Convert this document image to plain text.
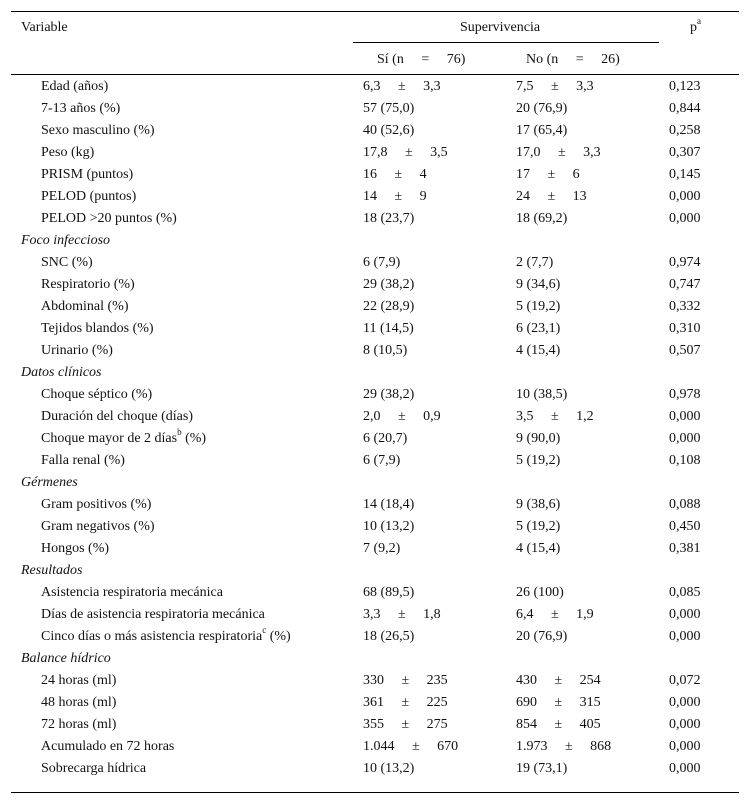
Variable	Supervivencia	$p^a$
Sí (n     =     76)	No (n     =     26)
Edad (años)	6,3     ±     3,3	7,5     ±     3,3	0,123
7-13 años (%)	57 (75,0)	20 (76,9)	0,844
Sexo masculino (%)	40 (52,6)	17 (65,4)	0,258
Peso (kg)	17,8     ±     3,5	17,0     ±     3,3	0,307
PRISM (puntos)	16     ±     4	17     ±     6	0,145
PELOD (puntos)	14     ±     9	24     ±     13	0,000
PELOD >20 puntos (%)	18 (23,7)	18 (69,2)	0,000
Foco infeccioso
SNC (%)	6 (7,9)	2 (7,7)	0,974
Respiratorio (%)	29 (38,2)	9 (34,6)	0,747
Abdominal (%)	22 (28,9)	5 (19,2)	0,332
Tejidos blandos (%)	11 (14,5)	6 (23,1)	0,310
Urinario (%)	8 (10,5)	4 (15,4)	0,507
Datos clínicos
Choque séptico (%)	29 (38,2)	10 (38,5)	0,978
Duración del choque (días)	2,0     ±     0,9	3,5     ±     1,2	0,000
Choque mayor de 2 días$^b$ (%)	6 (20,7)	9 (90,0)	0,000
Falla renal (%)	6 (7,9)	5 (19,2)	0,108
Gérmenes
Gram positivos (%)	14 (18,4)	9 (38,6)	0,088
Gram negativos (%)	10 (13,2)	5 (19,2)	0,450
Hongos (%)	7 (9,2)	4 (15,4)	0,381
Resultados
Asistencia respiratoria mecánica	68 (89,5)	26 (100)	0,085
Días de asistencia respiratoria mecánica	3,3     ±     1,8	6,4     ±     1,9	0,000
Cinco días o más asistencia respiratoria$^c$ (%)	18 (26,5)	20 (76,9)	0,000
Balance hídrico
24 horas (ml)	330     ±     235	430     ±     254	0,072
48 horas (ml)	361     ±     225	690     ±     315	0,000
72 horas (ml)	355     ±     275	854     ±     405	0,000
Acumulado en 72 horas	1.044     ±     670	1.973     ±     868	0,000
Sobrecarga hídrica	10 (13,2)	19 (73,1)	0,000
